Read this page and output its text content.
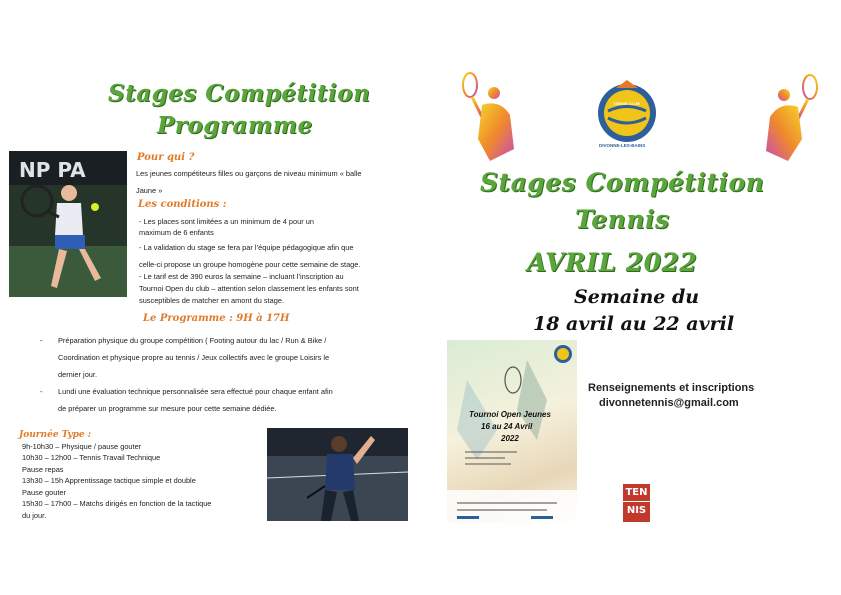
Stages Compétition
Programme
NP PA
Pour qui ?
Les jeunes compétiteurs filles ou garçons de niveau minimum « balle
Jaune »
Les conditions :
- Les places sont limitées a un minimum de 4 pour un
maximum de 6 enfants
- La validation du stage se fera par l’équipe pédagogique afin que
celle-ci propose un groupe homogène pour cette semaine de stage.
- Le tarif est de 390 euros la semaine – incluant l’inscription au
Tournoi Open du club – attention selon classement les enfants sont
susceptibles de matcher en amont du stage.
Le Programme : 9H à 17H
- Préparation physique du groupe compétition ( Footing autour du lac / Run & Bike /
Coordination et physique propre au tennis / Jeux collectifs avec le groupe Loisirs le
dernier jour.
- Lundi une évaluation technique personnalisée sera effectué pour chaque enfant afin
de préparer un programme sur mesure pour cette semaine dédiée.
Journée Type :
9h-10h30 – Physique / pause gouter
10h30 – 12h00 – Tennis Travail Technique
Pause repas
13h30 – 15h Apprentissage tactique simple et double
Pause gouter
15h30 – 17h00 – Matchs dirigés en fonction de la tactique
du jour.
TENNIS CLUB
DIVONNE-LES-BAINS
Stages Compétition
Tennis
AVRIL 2022
Semaine du
18 avril au 22 avril
Tournoi Open Jeunes
16 au 24 Avril
2022
Renseignements et inscriptions
divonnetennis@gmail.com
TEN
NIS
